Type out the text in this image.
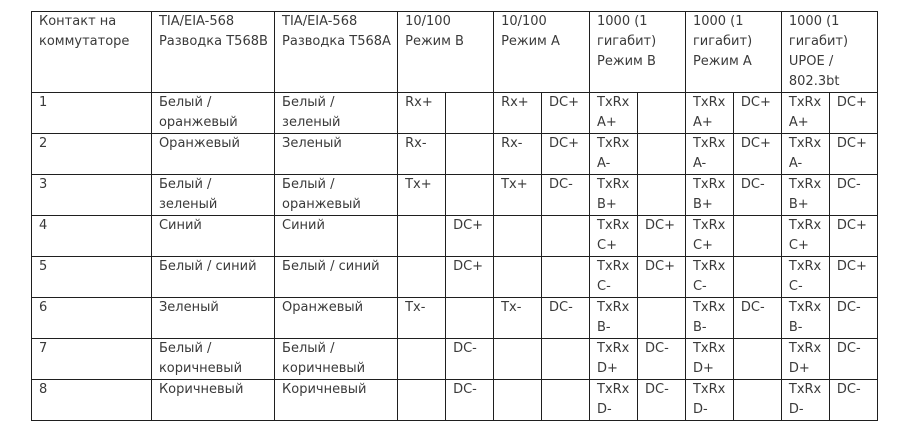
Контакт на коммутаторе	TIA/EIA-568 Разводка T568B	TIA/EIA-568 Разводка T568A	10/100 Режим B		10/100 Режим A		1000 (1 гигабит) Режим B		1000 (1 гигабит) Режим A		1000 (1 гигабит) UPOE / 802.3bt	
1	Белый / оранжевый	Белый / зеленый	Rx+		Rx+	DC+	TxRx A+		TxRx A+	DC+	TxRx A+	DC+
2	Оранжевый	Зеленый	Rx-		Rx-	DC+	TxRx A-		TxRx A-	DC+	TxRx A-	DC+
3	Белый / зеленый	Белый / оранжевый	Tx+		Tx+	DC-	TxRx B+		TxRx B+	DC-	TxRx B+	DC-
4	Синий	Синий		DC+			TxRx C+	DC+	TxRx C+		TxRx C+	DC+
5	Белый / синий	Белый / синий		DC+			TxRx C-	DC+	TxRx C-		TxRx C-	DC+
6	Зеленый	Оранжевый	Tx-		Tx-	DC-	TxRx B-		TxRx B-	DC-	TxRx B-	DC-
7	Белый / коричневый	Белый / коричневый		DC-			TxRx D+	DC-	TxRx D+		TxRx D+	DC-
8	Коричневый	Коричневый		DC-			TxRx D-	DC-	TxRx D-		TxRx D-	DC-
